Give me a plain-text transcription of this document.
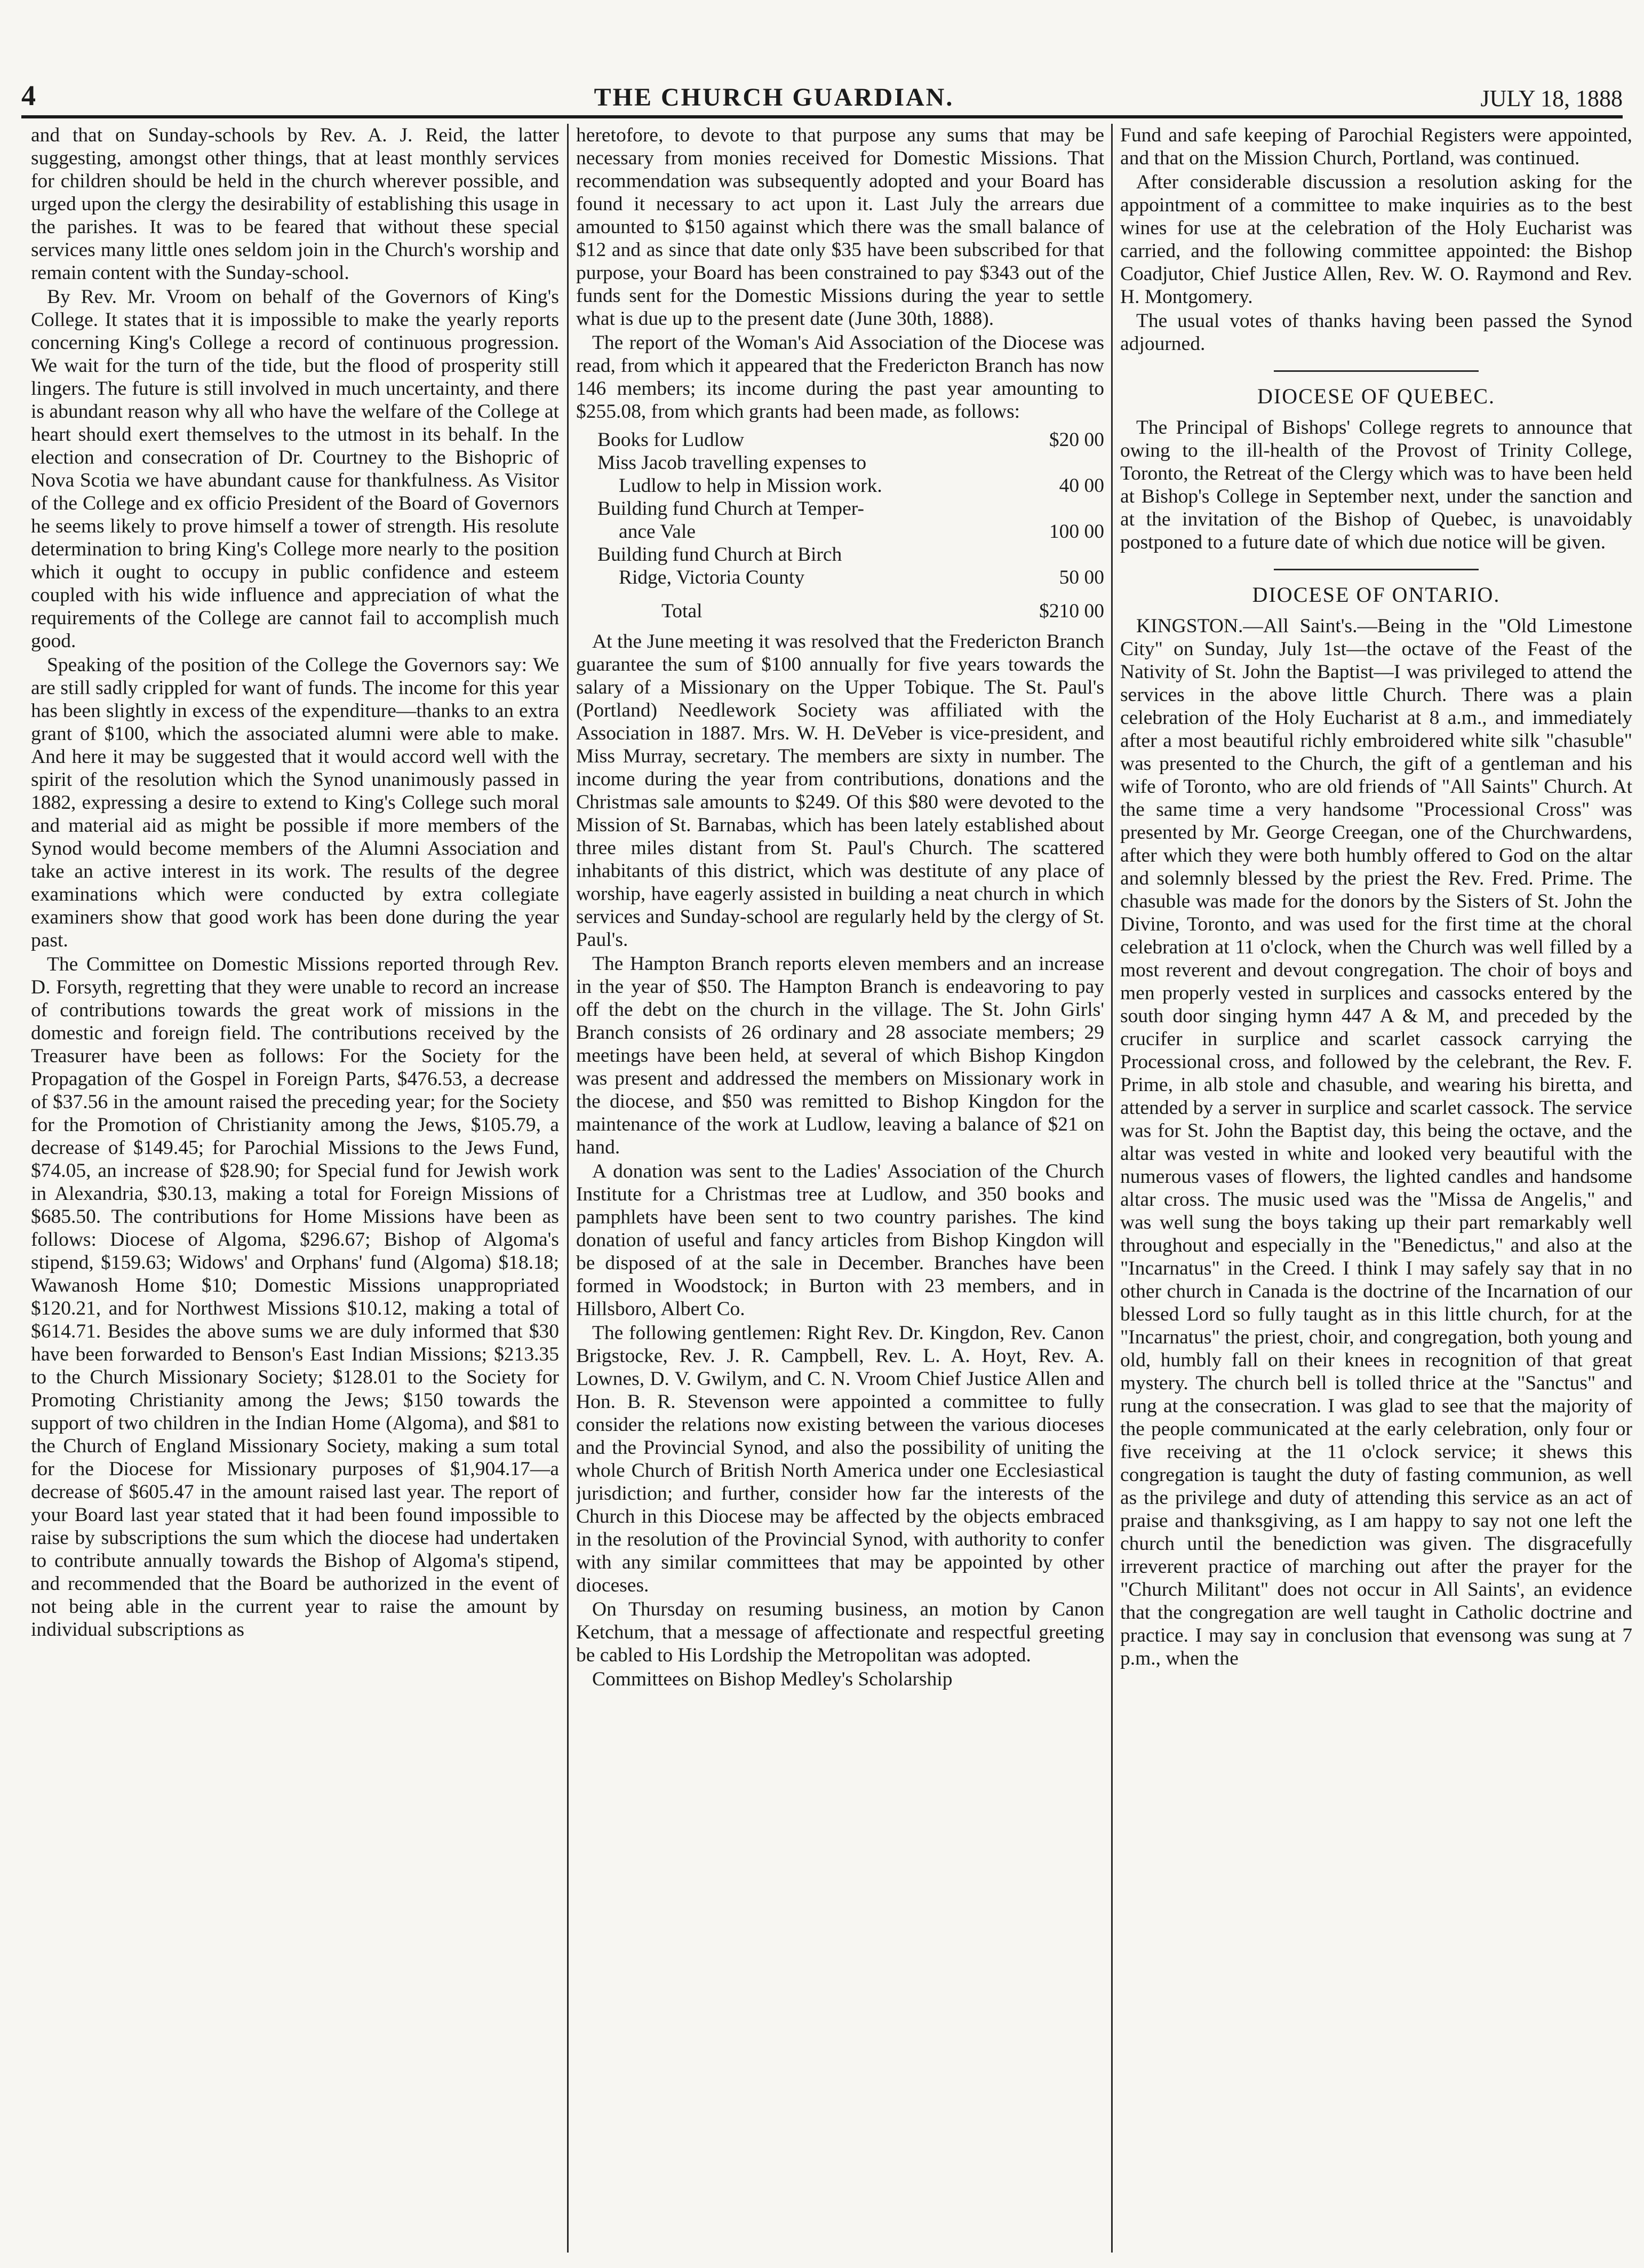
4	THE CHURCH GUARDIAN.	JULY 18, 1888

and that on Sunday-schools by Rev. A. J. Reid, the latter suggesting, amongst other things, that at least monthly services for children should be held in the church wherever possible, and urged upon the clergy the desirability of establishing this usage in the parishes. It was to be feared that without these special services many little ones seldom join in the Church's worship and remain content with the Sunday-school.

By Rev. Mr. Vroom on behalf of the Governors of King's College. It states that it is impossible to make the yearly reports concerning King's College a record of continuous progression. We wait for the turn of the tide, but the flood of prosperity still lingers. The future is still involved in much uncertainty, and there is abundant reason why all who have the welfare of the College at heart should exert themselves to the utmost in its behalf. In the election and consecration of Dr. Courtney to the Bishopric of Nova Scotia we have abundant cause for thankfulness. As Visitor of the College and ex officio President of the Board of Governors he seems likely to prove himself a tower of strength. His resolute determination to bring King's College more nearly to the position which it ought to occupy in public confidence and esteem coupled with his wide influence and appreciation of what the requirements of the College are cannot fail to accomplish much good.

Speaking of the position of the College the Governors say: We are still sadly crippled for want of funds. The income for this year has been slightly in excess of the expenditure—thanks to an extra grant of $100, which the associated alumni were able to make. And here it may be suggested that it would accord well with the spirit of the resolution which the Synod unanimously passed in 1882, expressing a desire to extend to King's College such moral and material aid as might be possible if more members of the Synod would become members of the Alumni Association and take an active interest in its work. The results of the degree examinations which were conducted by extra collegiate examiners show that good work has been done during the year past.

The Committee on Domestic Missions reported through Rev. D. Forsyth, regretting that they were unable to record an increase of contributions towards the great work of missions in the domestic and foreign field. The contributions received by the Treasurer have been as follows: For the Society for the Propagation of the Gospel in Foreign Parts, $476.53, a decrease of $37.56 in the amount raised the preceding year; for the Society for the Promotion of Christianity among the Jews, $105.79, a decrease of $149.45; for Parochial Missions to the Jews Fund, $74.05, an increase of $28.90; for Special fund for Jewish work in Alexandria, $30.13, making a total for Foreign Missions of $685.50. The contributions for Home Missions have been as follows: Diocese of Algoma, $296.67; Bishop of Algoma's stipend, $159.63; Widows' and Orphans' fund (Algoma) $18.18; Wawanosh Home $10; Domestic Missions unappropriated $120.21, and for Northwest Missions $10.12, making a total of $614.71. Besides the above sums we are duly informed that $30 have been forwarded to Benson's East Indian Missions; $213.35 to the Church Missionary Society; $128.01 to the Society for Promoting Christianity among the Jews; $150 towards the support of two children in the Indian Home (Algoma), and $81 to the Church of England Missionary Society, making a sum total for the Diocese for Missionary purposes of $1,904.17—a decrease of $605.47 in the amount raised last year. The report of your Board last year stated that it had been found impossible to raise by subscriptions the sum which the diocese had undertaken to contribute annually towards the Bishop of Algoma's stipend, and recommended that the Board be authorized in the event of not being able in the current year to raise the amount by individual subscriptions as

heretofore, to devote to that purpose any sums that may be necessary from monies received for Domestic Missions. That recommendation was subsequently adopted and your Board has found it necessary to act upon it. Last July the arrears due amounted to $150 against which there was the small balance of $12 and as since that date only $35 have been subscribed for that purpose, your Board has been constrained to pay $343 out of the funds sent for the Domestic Missions during the year to settle what is due up to the present date (June 30th, 1888).

The report of the Woman's Aid Association of the Diocese was read, from which it appeared that the Fredericton Branch has now 146 members; its income during the past year amounting to $255.08, from which grants had been made, as follows:

Books for Ludlow	$20 00
Miss Jacob travelling expenses to
Ludlow to help in Mission work.	40 00
Building fund Church at Temper-
ance Vale	100 00
Building fund Church at Birch
Ridge, Victoria County	50 00
Total	$210 00

At the June meeting it was resolved that the Fredericton Branch guarantee the sum of $100 annually for five years towards the salary of a Missionary on the Upper Tobique. The St. Paul's (Portland) Needlework Society was affiliated with the Association in 1887. Mrs. W. H. DeVeber is vice-president, and Miss Murray, secretary. The members are sixty in number. The income during the year from contributions, donations and the Christmas sale amounts to $249. Of this $80 were devoted to the Mission of St. Barnabas, which has been lately established about three miles distant from St. Paul's Church. The scattered inhabitants of this district, which was destitute of any place of worship, have eagerly assisted in building a neat church in which services and Sunday-school are regularly held by the clergy of St. Paul's.

The Hampton Branch reports eleven members and an increase in the year of $50. The Hampton Branch is endeavoring to pay off the debt on the church in the village. The St. John Girls' Branch consists of 26 ordinary and 28 associate members; 29 meetings have been held, at several of which Bishop Kingdon was present and addressed the members on Missionary work in the diocese, and $50 was remitted to Bishop Kingdon for the maintenance of the work at Ludlow, leaving a balance of $21 on hand.

A donation was sent to the Ladies' Association of the Church Institute for a Christmas tree at Ludlow, and 350 books and pamphlets have been sent to two country parishes. The kind donation of useful and fancy articles from Bishop Kingdon will be disposed of at the sale in December. Branches have been formed in Woodstock; in Burton with 23 members, and in Hillsboro, Albert Co.

The following gentlemen: Right Rev. Dr. Kingdon, Rev. Canon Brigstocke, Rev. J. R. Campbell, Rev. L. A. Hoyt, Rev. A. Lownes, D. V. Gwilym, and C. N. Vroom Chief Justice Allen and Hon. B. R. Stevenson were appointed a committee to fully consider the relations now existing between the various dioceses and the Provincial Synod, and also the possibility of uniting the whole Church of British North America under one Ecclesiastical jurisdiction; and further, consider how far the interests of the Church in this Diocese may be affected by the objects embraced in the resolution of the Provincial Synod, with authority to confer with any similar committees that may be appointed by other dioceses.

On Thursday on resuming business, an motion by Canon Ketchum, that a message of affectionate and respectful greeting be cabled to His Lordship the Metropolitan was adopted.

Committees on Bishop Medley's Scholarship

Fund and safe keeping of Parochial Registers were appointed, and that on the Mission Church, Portland, was continued.

After considerable discussion a resolution asking for the appointment of a committee to make inquiries as to the best wines for use at the celebration of the Holy Eucharist was carried, and the following committee appointed: the Bishop Coadjutor, Chief Justice Allen, Rev. W. O. Raymond and Rev. H. Montgomery.

The usual votes of thanks having been passed the Synod adjourned.

DIOCESE OF QUEBEC.

The Principal of Bishops' College regrets to announce that owing to the ill-health of the Provost of Trinity College, Toronto, the Retreat of the Clergy which was to have been held at Bishop's College in September next, under the sanction and at the invitation of the Bishop of Quebec, is unavoidably postponed to a future date of which due notice will be given.

DIOCESE OF ONTARIO.

KINGSTON.—All Saint's.—Being in the "Old Limestone City" on Sunday, July 1st—the octave of the Feast of the Nativity of St. John the Baptist—I was privileged to attend the services in the above little Church. There was a plain celebration of the Holy Eucharist at 8 a.m., and immediately after a most beautiful richly embroidered white silk "chasuble" was presented to the Church, the gift of a gentleman and his wife of Toronto, who are old friends of "All Saints" Church. At the same time a very handsome "Processional Cross" was presented by Mr. George Creegan, one of the Churchwardens, after which they were both humbly offered to God on the altar and solemnly blessed by the priest the Rev. Fred. Prime. The chasuble was made for the donors by the Sisters of St. John the Divine, Toronto, and was used for the first time at the choral celebration at 11 o'clock, when the Church was well filled by a most reverent and devout congregation. The choir of boys and men properly vested in surplices and cassocks entered by the south door singing hymn 447 A & M, and preceded by the crucifer in surplice and scarlet cassock carrying the Processional cross, and followed by the celebrant, the Rev. F. Prime, in alb stole and chasuble, and wearing his biretta, and attended by a server in surplice and scarlet cassock. The service was for St. John the Baptist day, this being the octave, and the altar was vested in white and looked very beautiful with the numerous vases of flowers, the lighted candles and handsome altar cross. The music used was the "Missa de Angelis," and was well sung the boys taking up their part remarkably well throughout and especially in the "Benedictus," and also at the "Incarnatus" in the Creed. I think I may safely say that in no other church in Canada is the doctrine of the Incarnation of our blessed Lord so fully taught as in this little church, for at the "Incarnatus" the priest, choir, and congregation, both young and old, humbly fall on their knees in recognition of that great mystery. The church bell is tolled thrice at the "Sanctus" and rung at the consecration. I was glad to see that the majority of the people communicated at the early celebration, only four or five receiving at the 11 o'clock service; it shews this congregation is taught the duty of fasting communion, as well as the privilege and duty of attending this service as an act of praise and thanksgiving, as I am happy to say not one left the church until the benediction was given. The disgracefully irreverent practice of marching out after the prayer for the "Church Militant" does not occur in All Saints', an evidence that the congregation are well taught in Catholic doctrine and practice. I may say in conclusion that evensong was sung at 7 p.m., when the
